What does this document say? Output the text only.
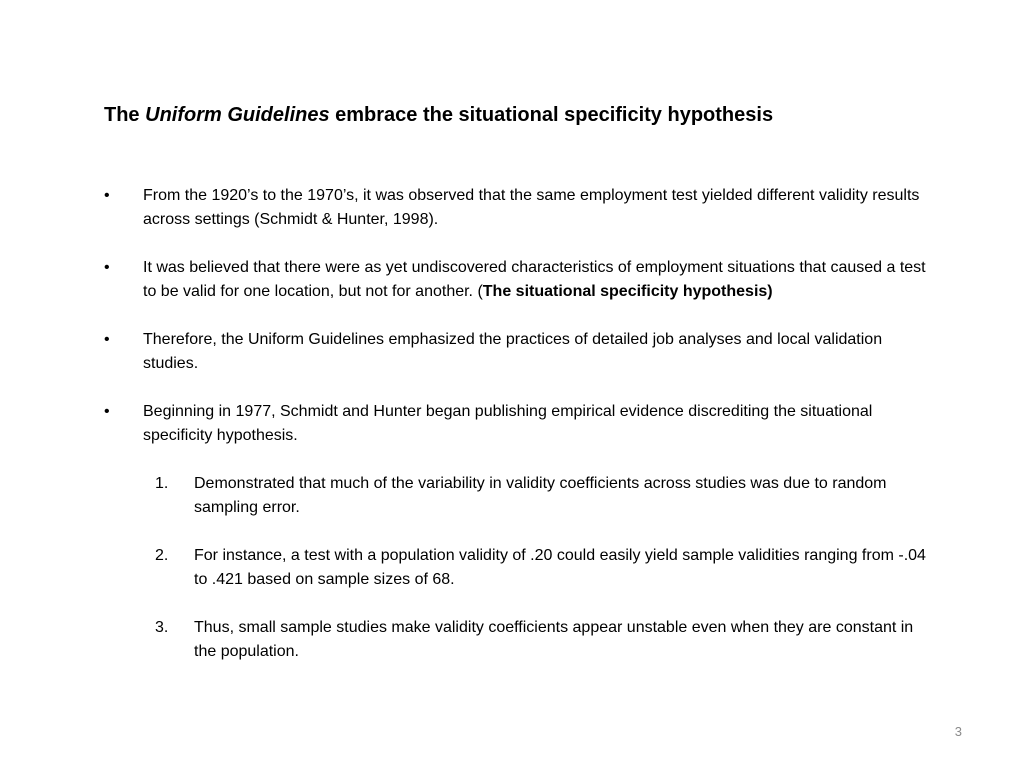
The Uniform Guidelines embrace the situational specificity hypothesis
•	From the 1920’s to the 1970’s, it was observed that the same employment test yielded different validity results across settings (Schmidt & Hunter, 1998).
•	It was believed that there were as yet undiscovered characteristics of employment situations that caused a test to be valid for one location, but not for another. (The situational specificity hypothesis)
•	Therefore, the Uniform Guidelines emphasized the practices of detailed job analyses and local validation studies.
•	Beginning in 1977, Schmidt and Hunter began publishing empirical evidence discrediting the situational specificity hypothesis.
1.	Demonstrated that much of the variability in validity coefficients across studies was due to random sampling error.
2.	For instance, a test with a population validity of .20 could easily yield sample validities ranging from -.04 to .421 based on sample sizes of 68.
3.	Thus, small sample studies make validity coefficients appear unstable even when they are constant in the population.
3
